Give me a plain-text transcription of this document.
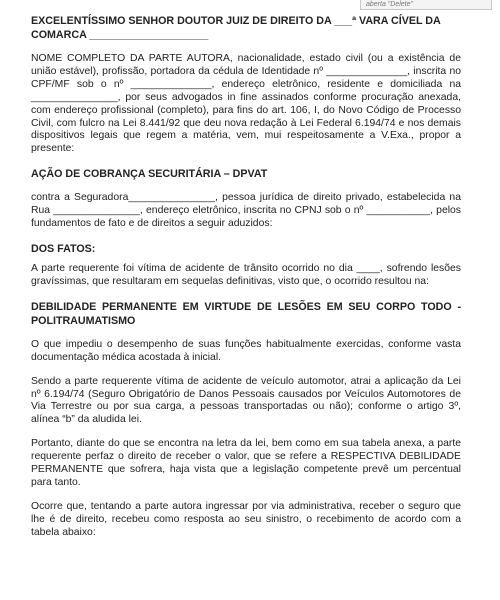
aberta "Delete"

EXCELENTÍSSIMO SENHOR DOUTOR JUIZ DE DIREITO DA ___ª VARA CÍVEL DA COMARCA ____________________

NOME COMPLETO DA PARTE AUTORA, nacionalidade, estado civil (ou a existência de união estável), profissão, portadora da cédula de Identidade nº ______________, inscrita no CPF/MF sob o nº ______________, endereço eletrônico, residente e domiciliada na _______________, por seus advogados in fine assinados conforme procuração anexada, com endereço profissional (completo), para fins do art. 106, I, do Novo Código de Processo Civil, com fulcro na Lei 8.441/92 que deu nova redação à Lei Federal 6.194/74 e nos demais dispositivos legais que regem a matéria, vem, mui respeitosamente a V.Exa., propor a presente:

AÇÃO DE COBRANÇA SECURITÁRIA – DPVAT

contra a Seguradora_______________, pessoa jurídica de direito privado, estabelecida na Rua _______________, endereço eletrônico, inscrita no CPNJ sob o nº ___________, pelos fundamentos de fato e de direitos a seguir aduzidos:

DOS FATOS:

A parte requerente foi vítima de acidente de trânsito ocorrido no dia ____, sofrendo lesões gravíssimas, que resultaram em sequelas definitivas, visto que, o ocorrido resultou na:

DEBILIDADE PERMANENTE EM VIRTUDE DE LESÕES EM SEU CORPO TODO - POLITRAUMATISMO

O que impediu o desempenho de suas funções habitualmente exercidas, conforme vasta documentação médica acostada à inicial.

Sendo a parte requerente vítima de acidente de veículo automotor, atrai a aplicação da Lei nº 6.194/74 (Seguro Obrigatório de Danos Pessoais causados por Veículos Automotores de Via Terrestre ou por sua carga, a pessoas transportadas ou não); conforme o artigo 3º, alínea “b” da aludida lei.

Portanto, diante do que se encontra na letra da lei, bem como em sua tabela anexa, a parte requerente perfaz o direito de receber o valor, que se refere a RESPECTIVA DEBILIDADE PERMANENTE que sofrera, haja vista que a legislação competente prevê um percentual para tanto.

Ocorre que, tentando a parte autora ingressar por via administrativa, receber o seguro que lhe é de direito, recebeu como resposta ao seu sinistro, o recebimento de acordo com a tabela abaixo:
